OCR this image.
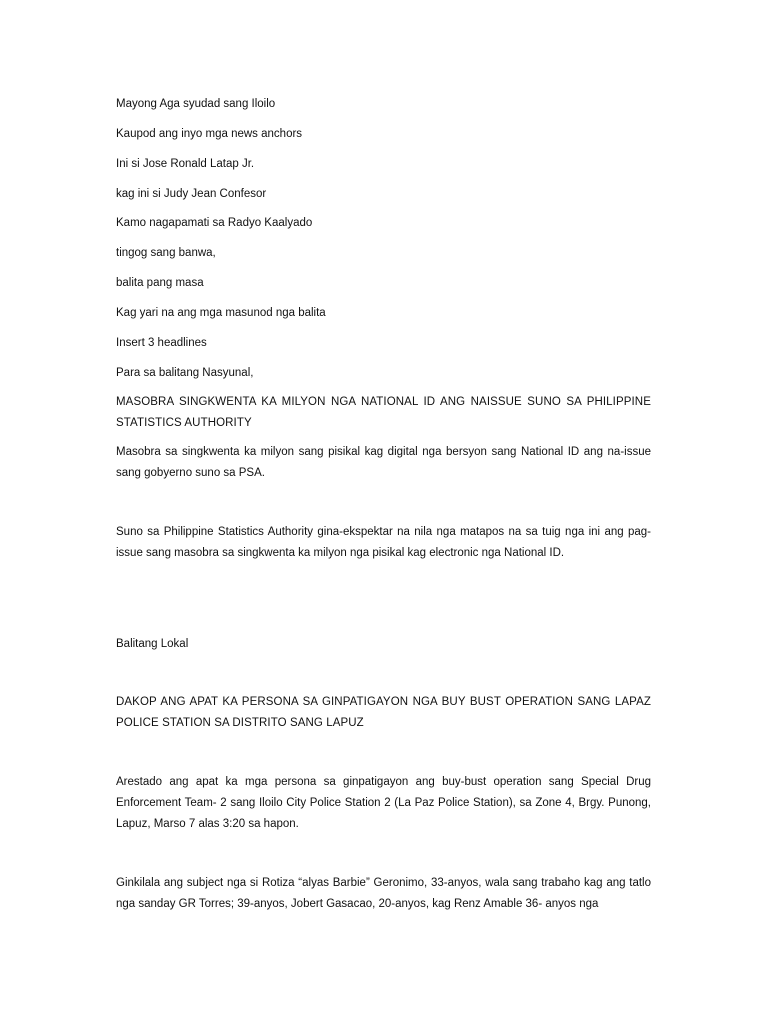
Mayong Aga syudad sang Iloilo
Kaupod ang inyo mga news anchors
Ini si Jose Ronald Latap Jr.
kag ini si Judy Jean Confesor
Kamo nagapamati sa Radyo Kaalyado
tingog sang banwa,
balita pang masa
Kag yari na ang mga masunod nga balita
Insert 3 headlines
Para sa balitang Nasyunal,
MASOBRA SINGKWENTA KA MILYON NGA NATIONAL ID ANG NAISSUE SUNO SA PHILIPPINE STATISTICS AUTHORITY
Masobra sa singkwenta ka milyon sang pisikal kag digital nga bersyon sang National ID ang na-issue sang gobyerno suno sa PSA.
Suno sa Philippine Statistics Authority gina-ekspektar na nila nga matapos na sa tuig nga ini ang pag-issue sang masobra sa singkwenta ka milyon nga pisikal kag electronic nga National ID.
Balitang Lokal
DAKOP ANG APAT KA PERSONA SA GINPATIGAYON NGA BUY BUST OPERATION SANG LAPAZ POLICE STATION SA DISTRITO SANG LAPUZ
Arestado ang apat ka mga persona sa ginpatigayon ang buy-bust operation sang Special Drug Enforcement Team- 2 sang Iloilo City Police Station 2 (La Paz Police Station), sa Zone 4, Brgy. Punong, Lapuz, Marso 7 alas 3:20 sa hapon.
Ginkilala ang subject nga si Rotiza “alyas Barbie” Geronimo, 33-anyos, wala sang trabaho kag ang tatlo nga sanday GR Torres; 39-anyos, Jobert Gasacao, 20-anyos, kag Renz Amable 36- anyos nga
